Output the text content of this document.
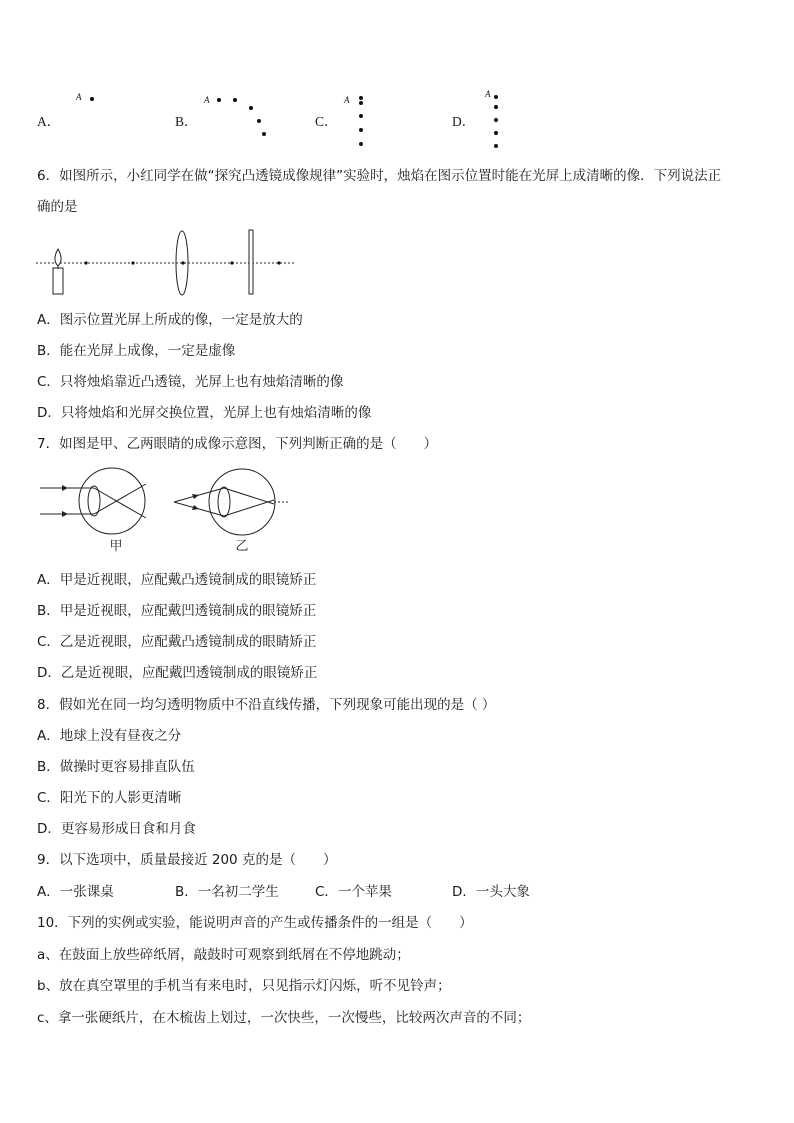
A．
A
B．
A
C．
A
D．
A
6．如图所示，小红同学在做“探究凸透镜成像规律”实验时，烛焰在图示位置时能在光屏上成清晰的像．下列说法正
确的是
A．图示位置光屏上所成的像，一定是放大的
B．能在光屏上成像，一定是虚像
C．只将烛焰靠近凸透镜，光屏上也有烛焰清晰的像
D．只将烛焰和光屏交换位置，光屏上也有烛焰清晰的像
7．如图是甲、乙两眼睛的成像示意图，下列判断正确的是（　　）
甲	乙
A．甲是近视眼，应配戴凸透镜制成的眼镜矫正
B．甲是近视眼，应配戴凹透镜制成的眼镜矫正
C．乙是近视眼，应配戴凸透镜制成的眼睛矫正
D．乙是近视眼，应配戴凹透镜制成的眼镜矫正
8．假如光在同一均匀透明物质中不沿直线传播，下列现象可能出现的是（ ）
A．地球上没有昼夜之分
B．做操时更容易排直队伍
C．阳光下的人影更清晰
D．更容易形成日食和月食
9．以下选项中，质量最接近 200 克的是（　　）
A．一张课桌	B．一名初二学生	C．一个苹果	D．一头大象
10．下列的实例或实验，能说明声音的产生或传播条件的一组是（　　）
a、在鼓面上放些碎纸屑，敲鼓时可观察到纸屑在不停地跳动；
b、放在真空罩里的手机当有来电时，只见指示灯闪烁，听不见铃声；
c、拿一张硬纸片，在木梳齿上划过，一次快些，一次慢些，比较两次声音的不同；
